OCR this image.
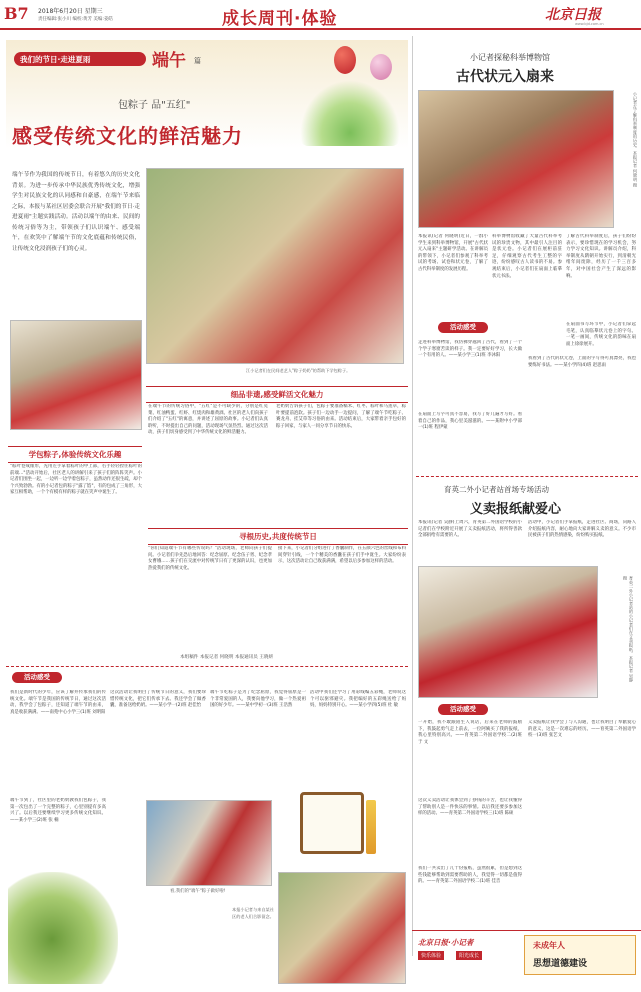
B7 2018年6月20日 星期三
责任编辑:张小川 编校:黄芳 美编:姜皓	成长周刊·体验	北京日报
www.bjd.com.cn
我们的节日·走进夏雨	端午 篇
包粽子 品"五红"
感受传统文化的鲜活魅力
端午节作为我国的传统节日，有着悠久的历史文化背景。为进一步传承中华民族优秀传统文化，增强学生对民族文化的认同感和自豪感，在端午节来临之际，本报与某社区居委会联合开展"我们的节日·走进夏雨"主题实践活动。活动以端午的由来、民间的传统习俗等为主，带领孩子们认识端午、感受端午，在欢笑中了解端午节的文化底蕴和传统民俗，让传统文化浸润孩子们的心灵。
江小记者们在民间老艺人"粽子奶奶"的帮助下学包粽子。
细品非遗,感受鲜活文化魅力
在端午节的传统习俗中，"五红"是不可缺少的，分别是红苋菜、红油鸭蛋、红虾、红烧肉和雄黄酒。社区的老人们向孩子们介绍了"五红"的寓意，并讲述了屈原的故事。小记者们认真聆听，不时提出自己的问题，活动现场气氛热烈。通过这次活动，孩子们切身感受到了中华传统文化的鲜活魅力。
老奶奶告诉孩子们，包粽子要准备糯米、红枣、粽叶和马莲草，粽叶要提前泡软。孩子们一边动手一边提问，了解了端午节吃粽子、赛龙舟、挂艾草等习俗的由来。活动结束后，大家带着亲手包好的粽子回家，与家人一同分享节日的快乐。
学包粽子,体验传统文化乐趣
"粽叶卷成锥形，先用左手拿着粽叶的中上部，右手轻轻捏住粽叶的前端…"活动开始后，社区老人的讲解引来了孩子们的阵阵笑声。小记者们围坐一起，一边听一边学着包粽子，虽然动作还很生疏，却个个兴致勃勃。有的小记者包的粽子"露了馅"，有的包成了三角形，大家互相帮助，一个个有模有样的粽子就在笑声中诞生了。
寻根历史,共度传统节日
"你们知道端午节有哪些传说吗？"活动现场，老师向孩子们提问。小记者们争先恐后地回答：纪念屈原、纪念伍子胥、纪念孝女曹娥……孩子们在交流中对传统节日有了更深的认识，也更加热爱我们的传统文化。
接下来，小记者们分组进行了香囊制作，在五颜六色的丝线和布料间穿针引线，一个个精美的香囊在孩子们手中诞生。大家纷纷表示，这次活动让自己收获满满，希望以后多参加这样的活动。
本组稿件 本报记者 何晓明 本报通讯员 王晓妍
活动感受
我们是新时代的少年，应该了解并传承我们的传统文化。端午节是我国的传统节日，通过这次活动，我学会了包粽子，还知道了端午节的由来，真是收获满满。——南苑中心小学三(1)班 刘明阳
端午节到了，社区里的老奶奶教我们包粽子，我第一次包出了一个完整的粽子，心里别提有多高兴了。以后我还要继续学习更多传统文化知识。——某小学三(2)班 张 楠
这次活动让我明白了传统节日的意义，我们要珍惜传统文化，把它们传承下去。我还学会了做香囊，准备送给奶奶。——某小学一(2)班 赵佳怡
端午节吃粽子是为了纪念屈原，我觉得屈原是一个非常爱国的人，我要向他学习，做一个热爱祖国的好少年。——某中学初一(3)班 王浩然
活动中我们还学习了用彩线编五彩绳，老师说这个可以驱邪避灾。我把编好的五彩绳送给了妈妈，妈妈特别开心。——某小学四(5)班 杜 敏
看,我们的"端午"粽子做好啦!
本报小记者与来自某社区的老人们合影留念。
小记者探秘科举博物馆
古代状元入扇来
小记者在了解科举制度的历史。本报记者 何晓明 摄
本报讯(记者 何晓明)近日，一群小学生来到科举博物馆，开展"古代状元入扇来"主题研学活动。在讲解员的带领下，小记者们参观了科举考试的考场、试卷和状元卷，了解了古代科举制度的发展历程。
科举博物馆收藏了大量古代科举考试的珍贵文物，其中最引人注目的是状元卷。小记者们在展柜前驻足，仔细观察古代考生工整的字迹，纷纷感叹古人读书的不易。参观结束后，小记者们在扇面上临摹状元书法。
了解古代科举制度后，孩子们纷纷表示，要珍惜现在的学习机会，努力学习文化知识。讲解员介绍，科举制度从隋朝开始实行，到清朝光绪年间废除，经历了一千三百多年，对中国社会产生了深远的影响。
在扇面书写环节中，小记者们拿起毛笔，认真临摹状元卷上的字句。一笔一画间，传统文化的韵味在扇面上徐徐展开。
活动感受
走进科举博物馆，我仿佛穿越回了古代，看到了一个个学子寒窗苦读的样子。我一定要好好学习，长大做一个有用的人。——某小学三(1)班 李沐阳
在扇面上写字可真不容易，我写了好几遍才写好。看着自己的作品，我心里美滋滋的。——某附中小学部一(1)班 程伊蒙
我看到了古代的状元卷，上面的字写得可真漂亮，我也要练好书法。——某小学四(4)班 赵思雨
育英二外小记者站首场专场活动
义卖报纸献爱心
本报讯(记者 吴静)上周六，育英第二外国语学校的小记者们在学校附近开展了义卖报纸活动，将所得善款全部捐给有需要的人。
活动中，小记者们手拿报纸，走进社区、商场，向路人介绍报纸内容，耐心地向大家讲解义卖的意义。不少市民被孩子们的热情感染，纷纷购买报纸。
育英二外小记者站的小记者们在义卖报纸。本报记者 吴静 摄
活动感受
一开始，我不敢跟陌生人说话，后来在老师的鼓励下，我鼓起勇气走上前去，一位阿姨买了我的报纸，我心里特别高兴。——育英第二外国语学校二(2)班 于 文
这次义卖活动让我体会到了挣钱的辛苦，也让我懂得了帮助别人是一件快乐的事情。以后我还要多参加这样的活动。——育英第二外国语学校三(1)班 陈硕
我们一共卖出了几十份报纸，虽然很累，但是想到这些钱能够帮助到需要帮助的人，我觉得一切都是值得的。——育英第二外国语学校二(1)班 佳音
义卖报纸让我学会了与人沟通，也让我明白了奉献爱心的意义，这是一次难忘的经历。——育英第二外国语学校一(3)班 张艺文
北京日报·小记者
快乐体验	阳光成长
未成年人
思想道德建设
